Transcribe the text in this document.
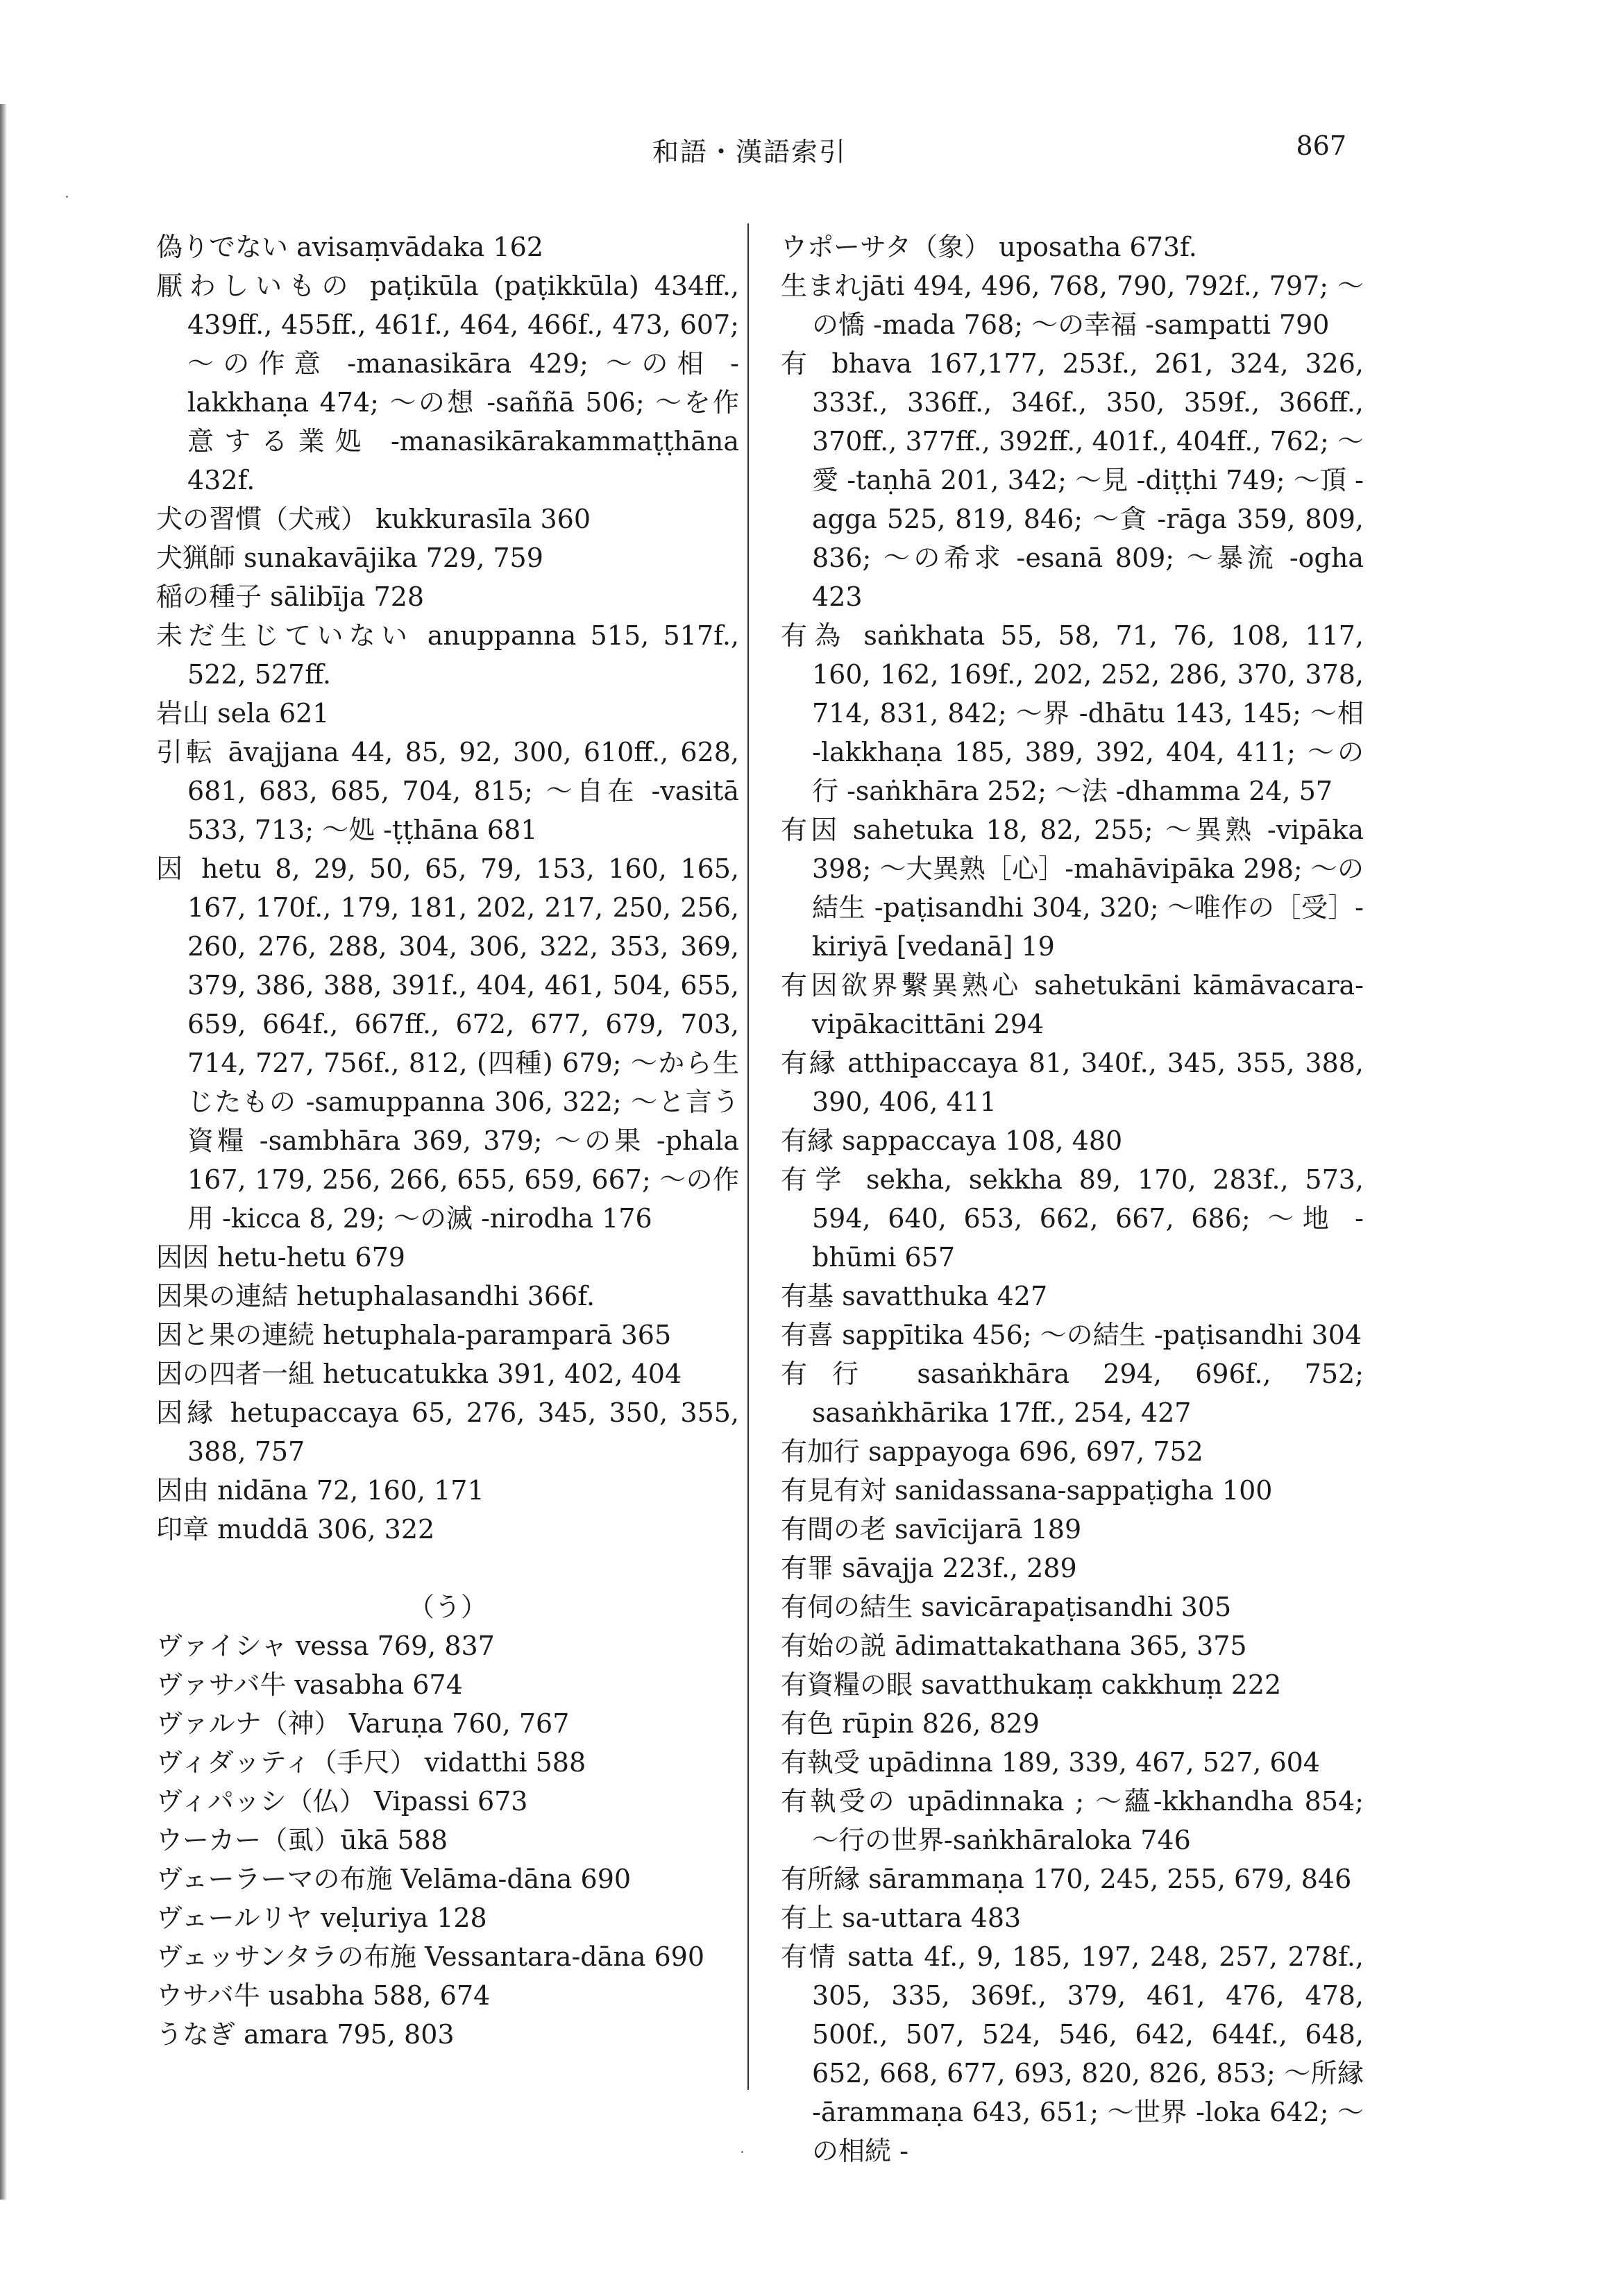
和語・漢語索引	867

偽りでない avisaṃvādaka 162

厭わしいもの paṭikūla (paṭikkūla) 434ff., 439ff., 455ff., 461f., 464, 466f., 473, 607; ～の作意 -manasikāra 429; ～の相 -lakkhaṇa 474; ～の想 -saññā 506; ～を作意する業処 -manasikārakammaṭṭhāna 432f.

犬の習慣（犬戒） kukkurasīla 360

犬猟師 sunakavājika 729, 759

稲の種子 sālibīja 728

未だ生じていない anuppanna 515, 517f., 522, 527ff.

岩山 sela 621

引転 āvajjana 44, 85, 92, 300, 610ff., 628, 681, 683, 685, 704, 815; ～自在 -vasitā 533, 713; ～処 -ṭṭhāna 681

因 hetu 8, 29, 50, 65, 79, 153, 160, 165, 167, 170f., 179, 181, 202, 217, 250, 256, 260, 276, 288, 304, 306, 322, 353, 369, 379, 386, 388, 391f., 404, 461, 504, 655, 659, 664f., 667ff., 672, 677, 679, 703, 714, 727, 756f., 812, (四種) 679; ～から生じたもの -samuppanna 306, 322; ～と言う資糧 -sambhāra 369, 379; ～の果 -phala 167, 179, 256, 266, 655, 659, 667; ～の作用 -kicca 8, 29; ～の滅 -nirodha 176

因因 hetu-hetu 679

因果の連結 hetuphalasandhi 366f.

因と果の連続 hetuphala-paramparā 365

因の四者一組 hetucatukka 391, 402, 404

因縁 hetupaccaya 65, 276, 345, 350, 355, 388, 757

因由 nidāna 72, 160, 171

印章 muddā 306, 322

（う）

ヴァイシャ vessa 769, 837

ヴァサバ牛 vasabha 674

ヴァルナ（神） Varuṇa 760, 767

ヴィダッティ（手尺） vidatthi 588

ヴィパッシ（仏） Vipassi 673

ウーカー（虱）ūkā 588

ヴェーラーマの布施 Velāma-dāna 690

ヴェールリヤ veḷuriya 128

ヴェッサンタラの布施 Vessantara-dāna 690

ウサバ牛 usabha 588, 674

うなぎ amara 795, 803

ウポーサタ（象） uposatha 673f.

生まれjāti 494, 496, 768, 790, 792f., 797; ～の憍 -mada 768; ～の幸福 -sampatti 790

有 bhava 167,177, 253f., 261, 324, 326, 333f., 336ff., 346f., 350, 359f., 366ff., 370ff., 377ff., 392ff., 401f., 404ff., 762; ～愛 -taṇhā 201, 342; ～見 -diṭṭhi 749; ～頂 -agga 525, 819, 846; ～貪 -rāga 359, 809, 836; ～の希求 -esanā 809; ～暴流 -ogha 423

有為 saṅkhata 55, 58, 71, 76, 108, 117, 160, 162, 169f., 202, 252, 286, 370, 378, 714, 831, 842; ～界 -dhātu 143, 145; ～相 -lakkhaṇa 185, 389, 392, 404, 411; ～の行 -saṅkhāra 252; ～法 -dhamma 24, 57

有因 sahetuka 18, 82, 255; ～異熟 -vipāka 398; ～大異熟［心］-mahāvipāka 298; ～の結生 -paṭisandhi 304, 320; ～唯作の［受］-kiriyā [vedanā] 19

有因欲界繫異熟心 sahetukāni kāmāvacara-vipākacittāni 294

有縁 atthipaccaya 81, 340f., 345, 355, 388, 390, 406, 411

有縁 sappaccaya 108, 480

有学 sekha, sekkha 89, 170, 283f., 573, 594, 640, 653, 662, 667, 686; ～地 -bhūmi 657

有基 savatthuka 427

有喜 sappītika 456; ～の結生 -paṭisandhi 304

有行 sasaṅkhāra 294, 696f., 752; sasaṅkhārika 17ff., 254, 427

有加行 sappayoga 696, 697, 752

有見有対 sanidassana-sappaṭigha 100

有間の老 savīcijarā 189

有罪 sāvajja 223f., 289

有伺の結生 savicārapaṭisandhi 305

有始の説 ādimattakathana 365, 375

有資糧の眼 savatthukaṃ cakkhuṃ 222

有色 rūpin 826, 829

有執受 upādinna 189, 339, 467, 527, 604

有執受の upādinnaka ; ～蘊-kkhandha 854; ～行の世界-saṅkhāraloka 746

有所縁 sārammaṇa 170, 245, 255, 679, 846

有上 sa-uttara 483

有情 satta 4f., 9, 185, 197, 248, 257, 278f., 305, 335, 369f., 379, 461, 476, 478, 500f., 507, 524, 546, 642, 644f., 648, 652, 668, 677, 693, 820, 826, 853; ～所縁 -ārammaṇa 643, 651; ～世界 -loka 642; ～の相続 -
